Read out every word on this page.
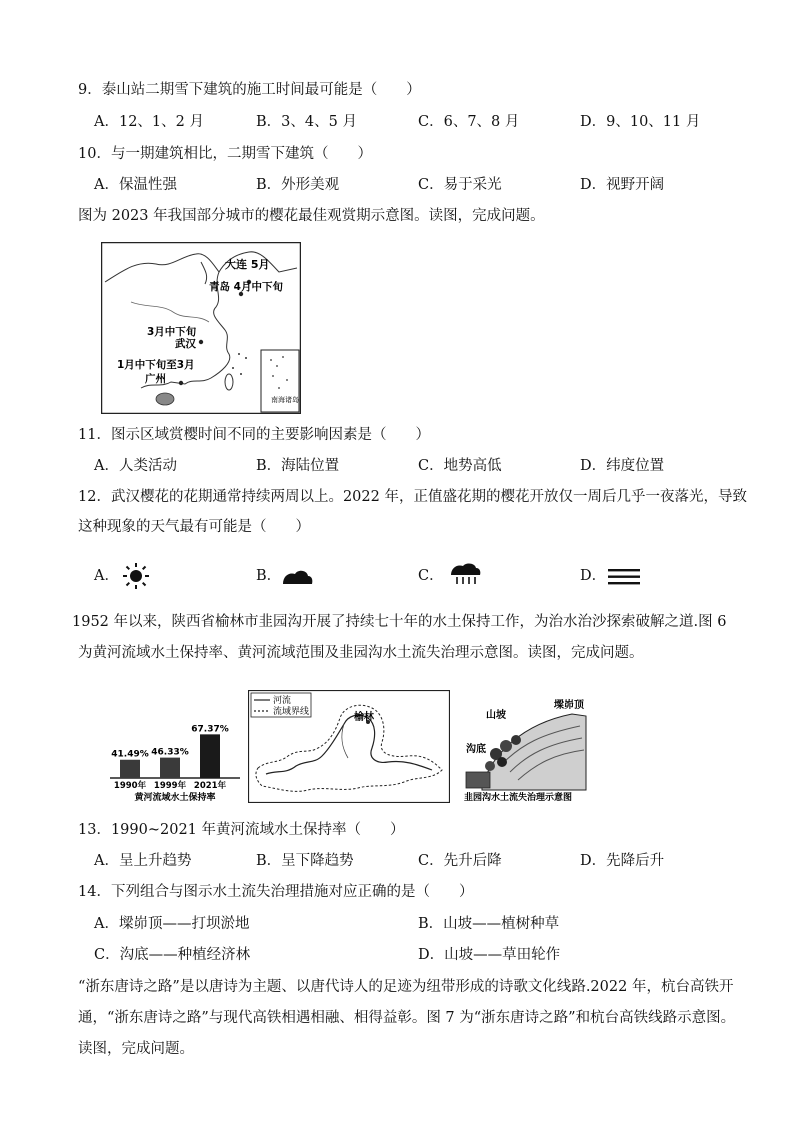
9．泰山站二期雪下建筑的施工时间最可能是（　　）
A．12、1、2 月	B．3、4、5 月	C．6、7、8 月	D．9、10、11 月
10．与一期建筑相比，二期雪下建筑（　　）
A．保温性强	B．外形美观	C．易于采光	D．视野开阔
图为 2023 年我国部分城市的樱花最佳观赏期示意图。读图，完成问题。
大连 5月
青岛 4月中下旬
3月中下旬
武汉
1月中下旬至3月
广州
南海诸岛
11．图示区域赏樱时间不同的主要影响因素是（　　）
A．人类活动	B．海陆位置	C．地势高低	D．纬度位置
12．武汉樱花的花期通常持续两周以上。2022 年，正值盛花期的樱花开放仅一周后几乎一夜落光，导致
这种现象的天气最有可能是（　　）
A．	B．	C．	D．
1952 年以来，陕西省榆林市韭园沟开展了持续七十年的水土保持工作，为治水治沙探索破解之道.图 6
为黄河流域水土保持率、黄河流域范围及韭园沟水土流失治理示意图。读图，完成问题。
41.49%
1990年
46.33%
1999年
67.37%
2021年
黄河流域水土保持率
河流
流域界线	榆林
墚峁顶
山坡
沟底
韭园沟水土流失治理示意图
13．1990~2021 年黄河流域水土保持率（　　）
A．呈上升趋势	B．呈下降趋势	C．先升后降	D．先降后升
14．下列组合与图示水土流失治理措施对应正确的是（　　）
A．墚峁顶——打坝淤地	B．山坡——植树种草
C．沟底——种植经济林	D．山坡——草田轮作
“浙东唐诗之路”是以唐诗为主题、以唐代诗人的足迹为纽带形成的诗歌文化线路.2022 年，杭台高铁开
通，“浙东唐诗之路”与现代高铁相遇相融、相得益彰。图 7 为“浙东唐诗之路”和杭台高铁线路示意图。
读图，完成问题。
